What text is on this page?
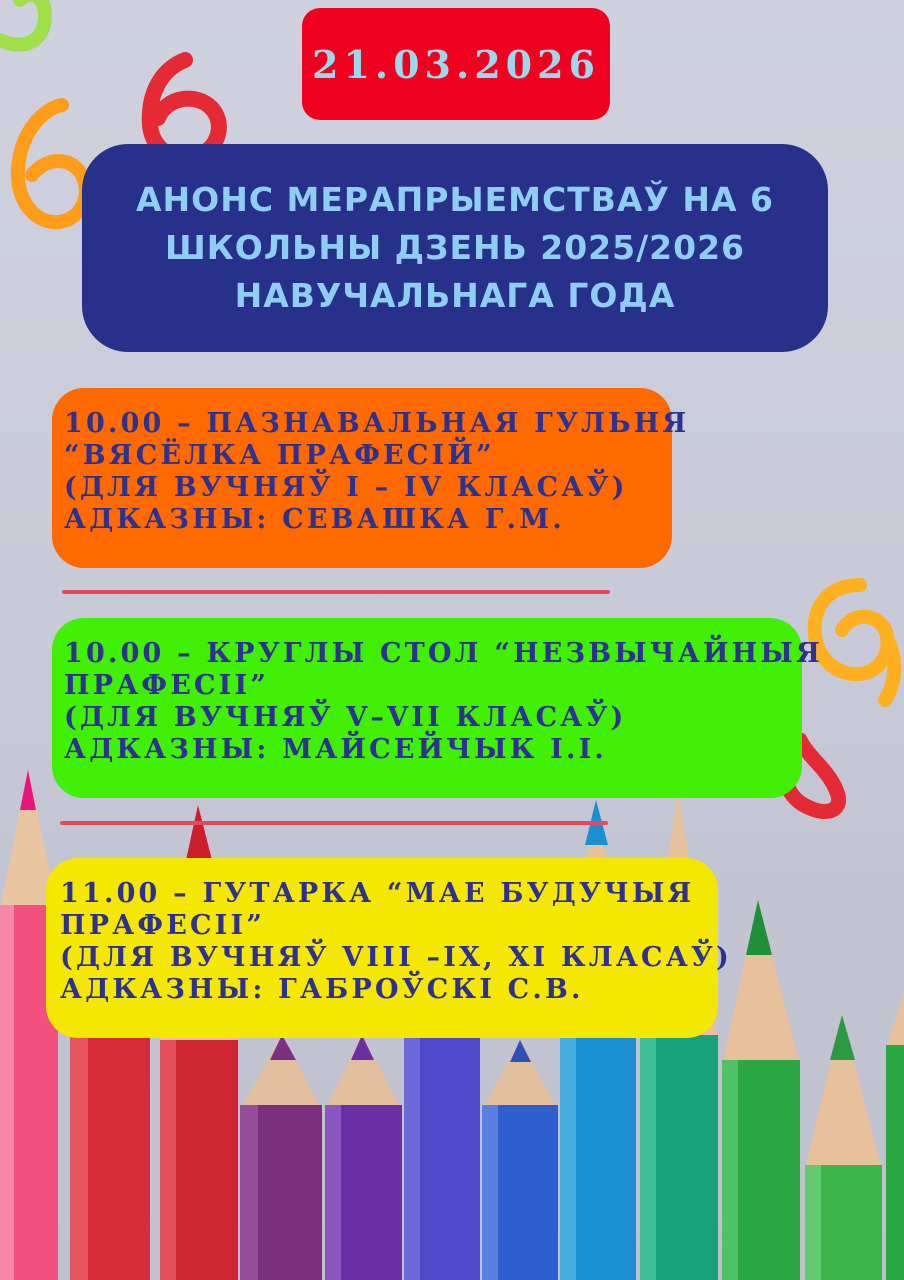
21.03.2026
АНОНС МЕРАПРЫЕМСТВАЎ НА 6
ШКОЛЬНЫ ДЗЕНЬ 2025/2026
НАВУЧАЛЬНАГА ГОДА
10.00 – ПАЗНАВАЛЬНАЯ ГУЛЬНЯ
“ВЯСЁЛКА ПРАФЕСІЙ”
(ДЛЯ ВУЧНЯЎ I – IV КЛАСАЎ)
АДКАЗНЫ: СЕВАШКА Г.М.
10.00 – КРУГЛЫ СТОЛ “НЕЗВЫЧАЙНЫЯ
ПРАФЕСІІ”
(ДЛЯ ВУЧНЯЎ V–VII КЛАСАЎ)
АДКАЗНЫ: МАЙСЕЙЧЫК І.І.
11.00 – ГУТАРКА “МАЕ БУДУЧЫЯ
ПРАФЕСІІ”
(ДЛЯ ВУЧНЯЎ VIII –IX, XI КЛАСАЎ)
АДКАЗНЫ: ГАБРОЎСКІ С.В.
